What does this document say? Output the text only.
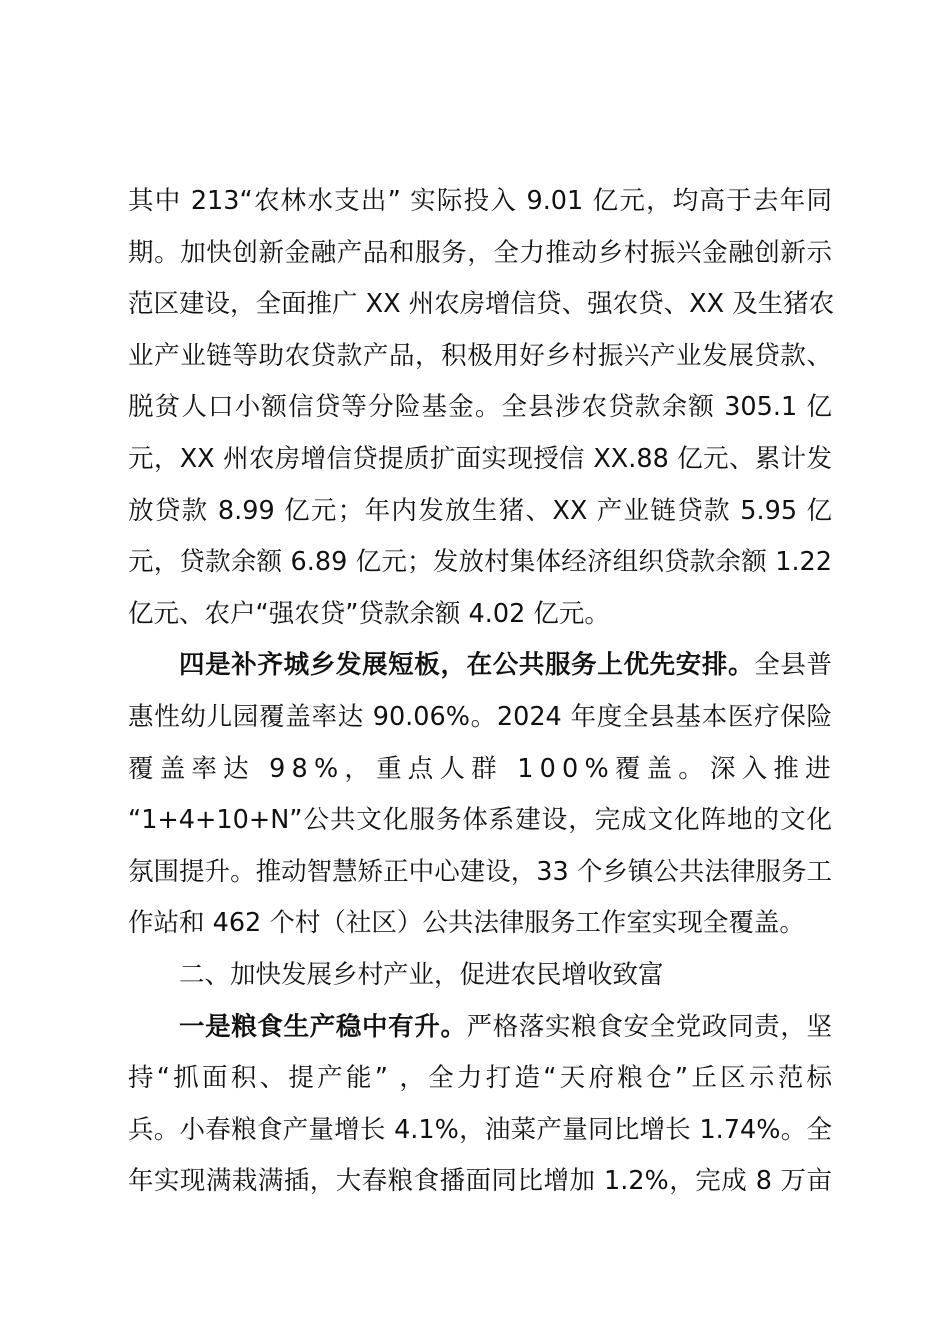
其中 213“农林水支出” 实际投入 9.01 亿元，均高于去年同
期。加快创新金融产品和服务，全力推动乡村振兴金融创新示
范区建设，全面推广 XX 州农房增信贷、强农贷、XX 及生猪农
业产业链等助农贷款产品，积极用好乡村振兴产业发展贷款、
脱贫人口小额信贷等分险基金。全县涉农贷款余额 305.1 亿
元，XX 州农房增信贷提质扩面实现授信 XX.88 亿元、累计发
放贷款 8.99 亿元；年内发放生猪、XX 产业链贷款 5.95 亿
元，贷款余额 6.89 亿元；发放村集体经济组织贷款余额 1.22
亿元、农户“强农贷”贷款余额 4.02 亿元。
四是补齐城乡发展短板，在公共服务上优先安排。全县普
惠性幼儿园覆盖率达 90.06%。2024 年度全县基本医疗保险
覆盖率达 98%，重点人群 100%覆盖。深入推进
“1+4+10+N”公共文化服务体系建设，完成文化阵地的文化
氛围提升。推动智慧矫正中心建设，33 个乡镇公共法律服务工
作站和 462 个村（社区）公共法律服务工作室实现全覆盖。
二、加快发展乡村产业，促进农民增收致富
一是粮食生产稳中有升。严格落实粮食安全党政同责，坚
持“抓面积、提产能” ，全力打造“天府粮仓”丘区示范标
兵。小春粮食产量增长 4.1%，油菜产量同比增长 1.74%。全
年实现满栽满插，大春粮食播面同比增加 1.2%，完成 8 万亩
